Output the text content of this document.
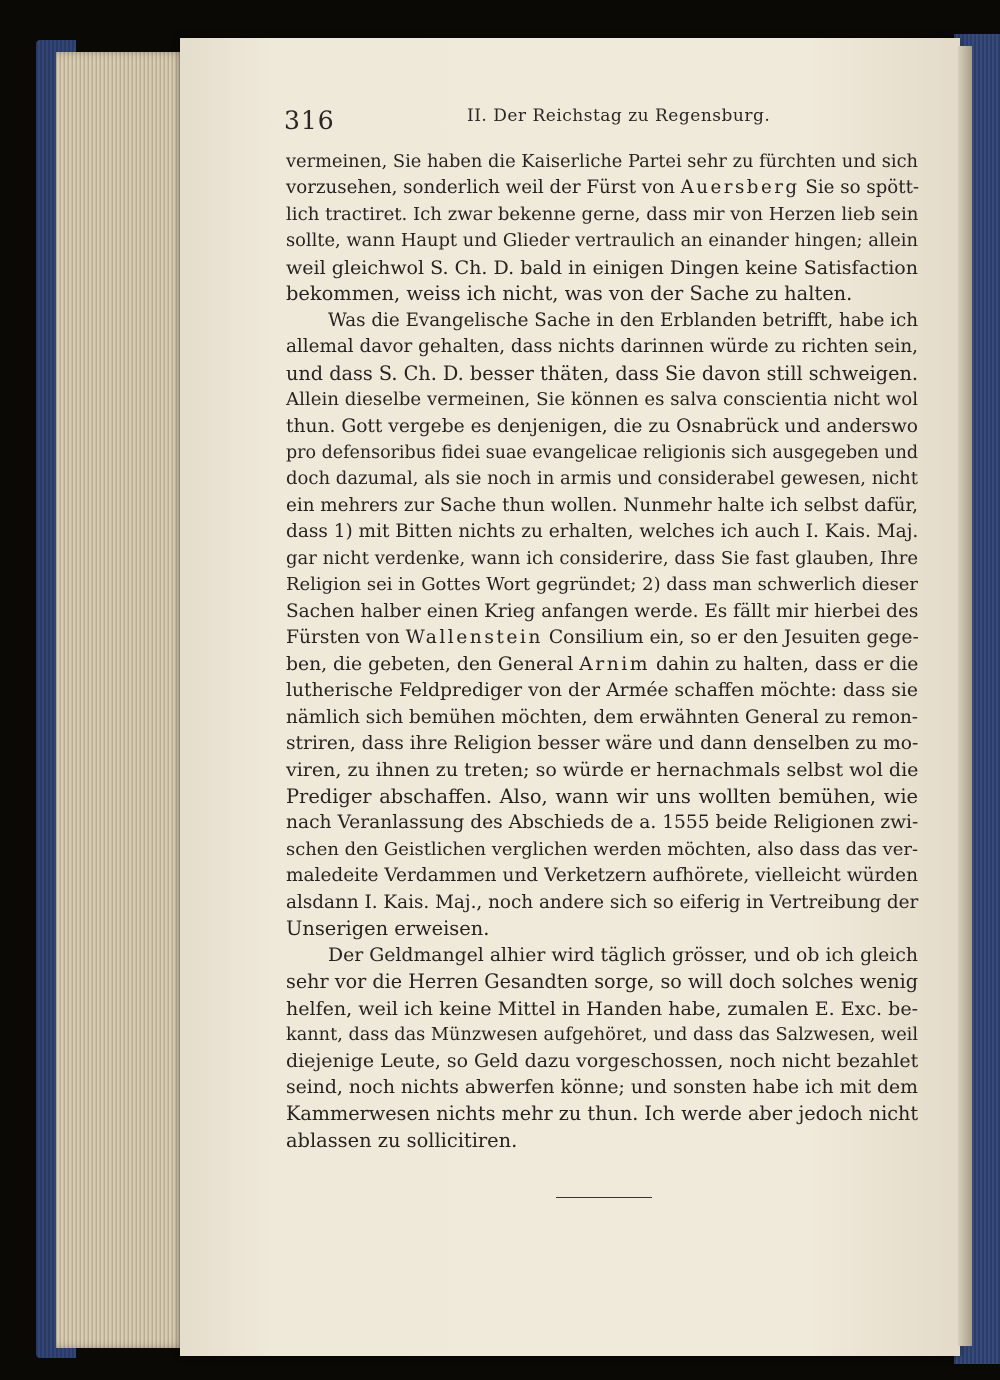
316	II. Der Reichstag zu Regensburg.
vermeinen, Sie haben die Kaiserliche Partei sehr zu fürchten und sich
vorzusehen, sonderlich weil der Fürst von Auersberg Sie so spött-
lich tractiret. Ich zwar bekenne gerne, dass mir von Herzen lieb sein
sollte, wann Haupt und Glieder vertraulich an einander hingen; allein
weil gleichwol S. Ch. D. bald in einigen Dingen keine Satisfaction
bekommen, weiss ich nicht, was von der Sache zu halten.
Was die Evangelische Sache in den Erblanden betrifft, habe ich
allemal davor gehalten, dass nichts darinnen würde zu richten sein,
und dass S. Ch. D. besser thäten, dass Sie davon still schweigen.
Allein dieselbe vermeinen, Sie können es salva conscientia nicht wol
thun. Gott vergebe es denjenigen, die zu Osnabrück und anderswo
pro defensoribus fidei suae evangelicae religionis sich ausgegeben und
doch dazumal, als sie noch in armis und considerabel gewesen, nicht
ein mehrers zur Sache thun wollen. Nunmehr halte ich selbst dafür,
dass 1) mit Bitten nichts zu erhalten, welches ich auch I. Kais. Maj.
gar nicht verdenke, wann ich considerire, dass Sie fast glauben, Ihre
Religion sei in Gottes Wort gegründet; 2) dass man schwerlich dieser
Sachen halber einen Krieg anfangen werde. Es fällt mir hierbei des
Fürsten von Wallenstein Consilium ein, so er den Jesuiten gege-
ben, die gebeten, den General Arnim dahin zu halten, dass er die
lutherische Feldprediger von der Armée schaffen möchte: dass sie
nämlich sich bemühen möchten, dem erwähnten General zu remon-
striren, dass ihre Religion besser wäre und dann denselben zu mo-
viren, zu ihnen zu treten; so würde er hernachmals selbst wol die
Prediger abschaffen. Also, wann wir uns wollten bemühen, wie
nach Veranlassung des Abschieds de a. 1555 beide Religionen zwi-
schen den Geistlichen verglichen werden möchten, also dass das ver-
maledeite Verdammen und Verketzern aufhörete, vielleicht würden
alsdann I. Kais. Maj., noch andere sich so eiferig in Vertreibung der
Unserigen erweisen.
Der Geldmangel alhier wird täglich grösser, und ob ich gleich
sehr vor die Herren Gesandten sorge, so will doch solches wenig
helfen, weil ich keine Mittel in Handen habe, zumalen E. Exc. be-
kannt, dass das Münzwesen aufgehöret, und dass das Salzwesen, weil
diejenige Leute, so Geld dazu vorgeschossen, noch nicht bezahlet
seind, noch nichts abwerfen könne; und sonsten habe ich mit dem
Kammerwesen nichts mehr zu thun. Ich werde aber jedoch nicht
ablassen zu sollicitiren.
